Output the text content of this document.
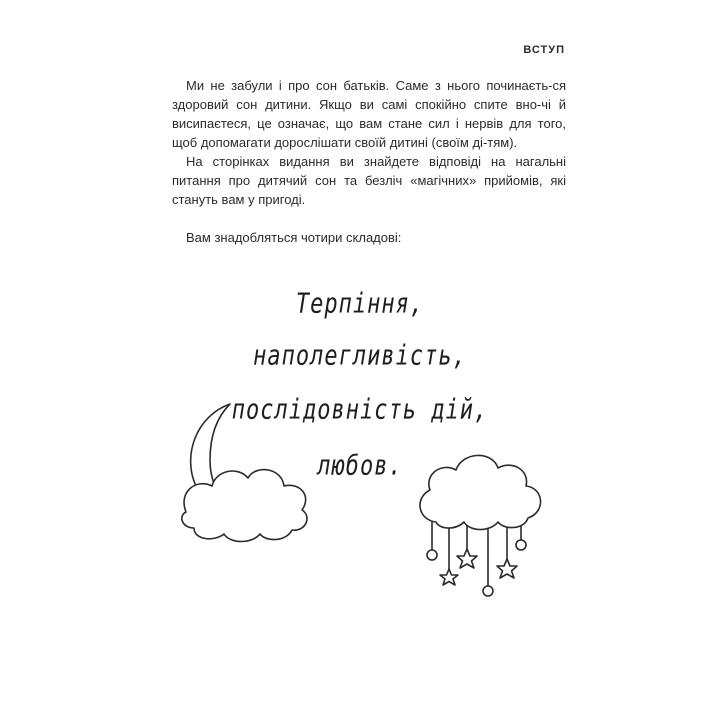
ВСТУП

Ми не забули і про сон батьків. Саме з нього починаєть-ся здоровий сон дитини. Якщо ви самі спокійно спите вно-чі й висипаєтеся, це означає, що вам стане сил і нервів для того, щоб допомагати дорослішати своїй дитині (своїм ді-тям).

На сторінках видання ви знайдете відповіді на нагальні питання про дитячий сон та безліч «магічних» прийомів, які стануть вам у пригоді.

Вам знадобляться чотири складові:

Терпіння,
наполегливість,
послідовність дій,
любов.
